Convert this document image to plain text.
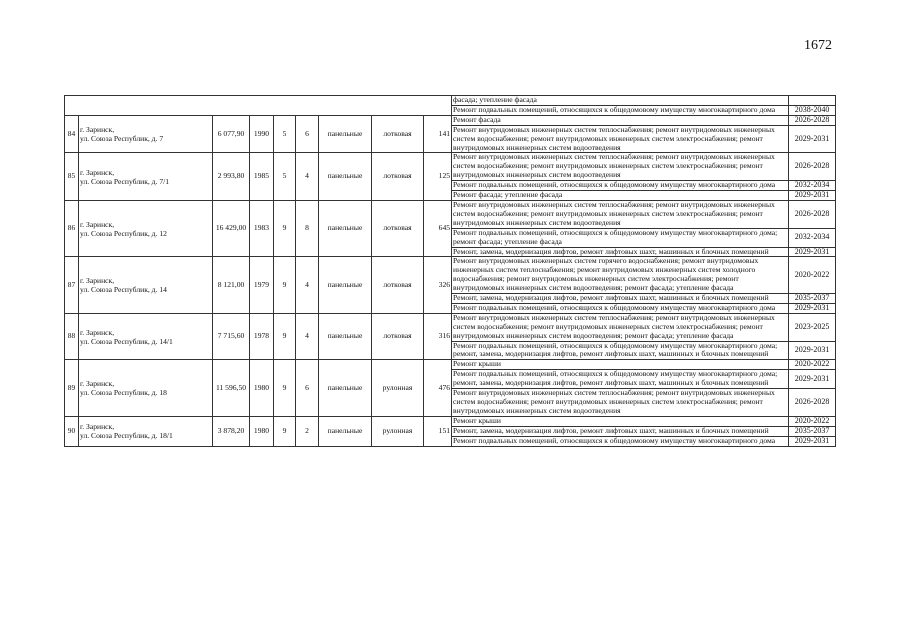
1672
									фасада; утепление фасада	
									Ремонт подвальных помещений, относящихся к общедомовому имуществу многоквартирного дома	2038-2040
84	г. Заринск,
ул. Союза Республик, д. 7	6 077,90	1990	5	6	панельные	лотковая	141	Ремонт фасада	2026-2028
									Ремонт внутридомовых инженерных систем теплоснабжения; ремонт внутридомовых инженерных систем водоснабжения; ремонт внутридомовых инженерных систем электроснабжения; ремонт внутридомовых инженерных систем водоотведения	2029-2031
85	г. Заринск,
ул. Союза Республик, д. 7/1	2 993,80	1985	5	4	панельные	лотковая	125	Ремонт внутридомовых инженерных систем теплоснабжения; ремонт внутридомовых инженерных систем водоснабжения; ремонт внутридомовых инженерных систем электроснабжения; ремонт внутридомовых инженерных систем водоотведения	2026-2028
									Ремонт подвальных помещений, относящихся к общедомовому имуществу многоквартирного дома	2032-2034
									Ремонт фасада; утепление фасада	2029-2031
86	г. Заринск,
ул. Союза Республик, д. 12	16 429,00	1983	9	8	панельные	лотковая	645	Ремонт внутридомовых инженерных систем теплоснабжения; ремонт внутридомовых инженерных систем водоснабжения; ремонт внутридомовых инженерных систем электроснабжения; ремонт внутридомовых инженерных систем водоотведения	2026-2028
									Ремонт подвальных помещений, относящихся к общедомовому имуществу многоквартирного дома; ремонт фасада; утепление фасада	2032-2034
									Ремонт, замена, модернизация лифтов, ремонт лифтовых шахт, машинных и блочных помещений	2029-2031
87	г. Заринск,
ул. Союза Республик, д. 14	8 121,00	1979	9	4	панельные	лотковая	326	Ремонт внутридомовых инженерных систем горячего водоснабжения; ремонт внутридомовых инженерных систем теплоснабжения; ремонт внутридомовых инженерных систем холодного водоснабжения; ремонт внутридомовых инженерных систем электроснабжения; ремонт внутридомовых инженерных систем водоотведения; ремонт фасада; утепление фасада	2020-2022
									Ремонт, замена, модернизация лифтов, ремонт лифтовых шахт, машинных и блочных помещений	2035-2037
									Ремонт подвальных помещений, относящихся к общедомовому имуществу многоквартирного дома	2029-2031
88	г. Заринск,
ул. Союза Республик, д. 14/1	7 715,60	1978	9	4	панельные	лотковая	316	Ремонт внутридомовых инженерных систем теплоснабжения; ремонт внутридомовых инженерных систем водоснабжения; ремонт внутридомовых инженерных систем электроснабжения; ремонт внутридомовых инженерных систем водоотведения; ремонт фасада; утепление фасада	2023-2025
									Ремонт подвальных помещений, относящихся к общедомовому имуществу многоквартирного дома; ремонт, замена, модернизация лифтов, ремонт лифтовых шахт, машинных и блочных помещений	2029-2031
89	г. Заринск,
ул. Союза Республик, д. 18	11 596,50	1980	9	6	панельные	рулонная	476	Ремонт крыши	2020-2022
									Ремонт подвальных помещений, относящихся к общедомовому имуществу многоквартирного дома; ремонт, замена, модернизация лифтов, ремонт лифтовых шахт, машинных и блочных помещений	2029-2031
									Ремонт внутридомовых инженерных систем теплоснабжения; ремонт внутридомовых инженерных систем водоснабжения; ремонт внутридомовых инженерных систем электроснабжения; ремонт внутридомовых инженерных систем водоотведения	2026-2028
90	г. Заринск,
ул. Союза Республик, д. 18/1	3 878,20	1980	9	2	панельные	рулонная	151	Ремонт крыши	2020-2022
									Ремонт, замена, модернизация лифтов, ремонт лифтовых шахт, машинных и блочных помещений	2035-2037
									Ремонт подвальных помещений, относящихся к общедомовому имуществу многоквартирного дома	2029-2031
